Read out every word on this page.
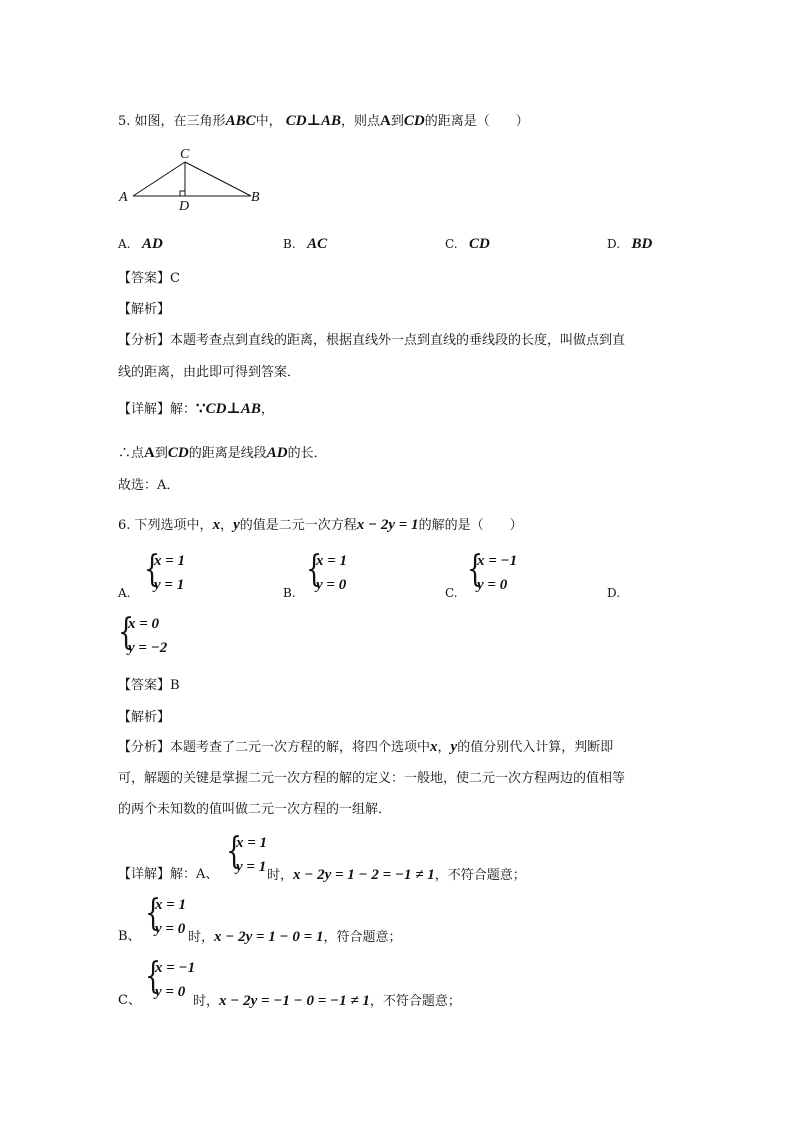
5. 如图，在三角形ABC中， CD⊥AB，则点A到CD的距离是（　　）
C
A
D
B
A. AD	B. AC	C. CD	D. BD
【答案】C
【解析】
【分析】本题考查点到直线的距离，根据直线外一点到直线的垂线段的长度，叫做点到直
线的距离，由此即可得到答案．
【详解】解：∵CD⊥AB，
∴点A到CD的距离是线段AD的长．
故选：A．
6. 下列选项中，x，y的值是二元一次方程x − 2y = 1的解的是（　　）
A.
{
x = 1
y = 1	B.
{
x = 1
y = 0	C.
{
x = −1
y = 0	D.
{
x = 0
y = −2
【答案】B
【解析】
【分析】本题考查了二元一次方程的解，将四个选项中x，y的值分别代入计算，判断即
可，解题的关键是掌握二元一次方程的解的定义：一般地，使二元一次方程两边的值相等
的两个未知数的值叫做二元一次方程的一组解．
【详解】解：A、
{
x = 1
y = 1
时，x − 2y = 1 − 2 = −1 ≠ 1，不符合题意；
B、
{
x = 1
y = 0
时，x − 2y = 1 − 0 = 1，符合题意；
C、
{
x = −1
y = 0
时，x − 2y = −1 − 0 = −1 ≠ 1，不符合题意；
